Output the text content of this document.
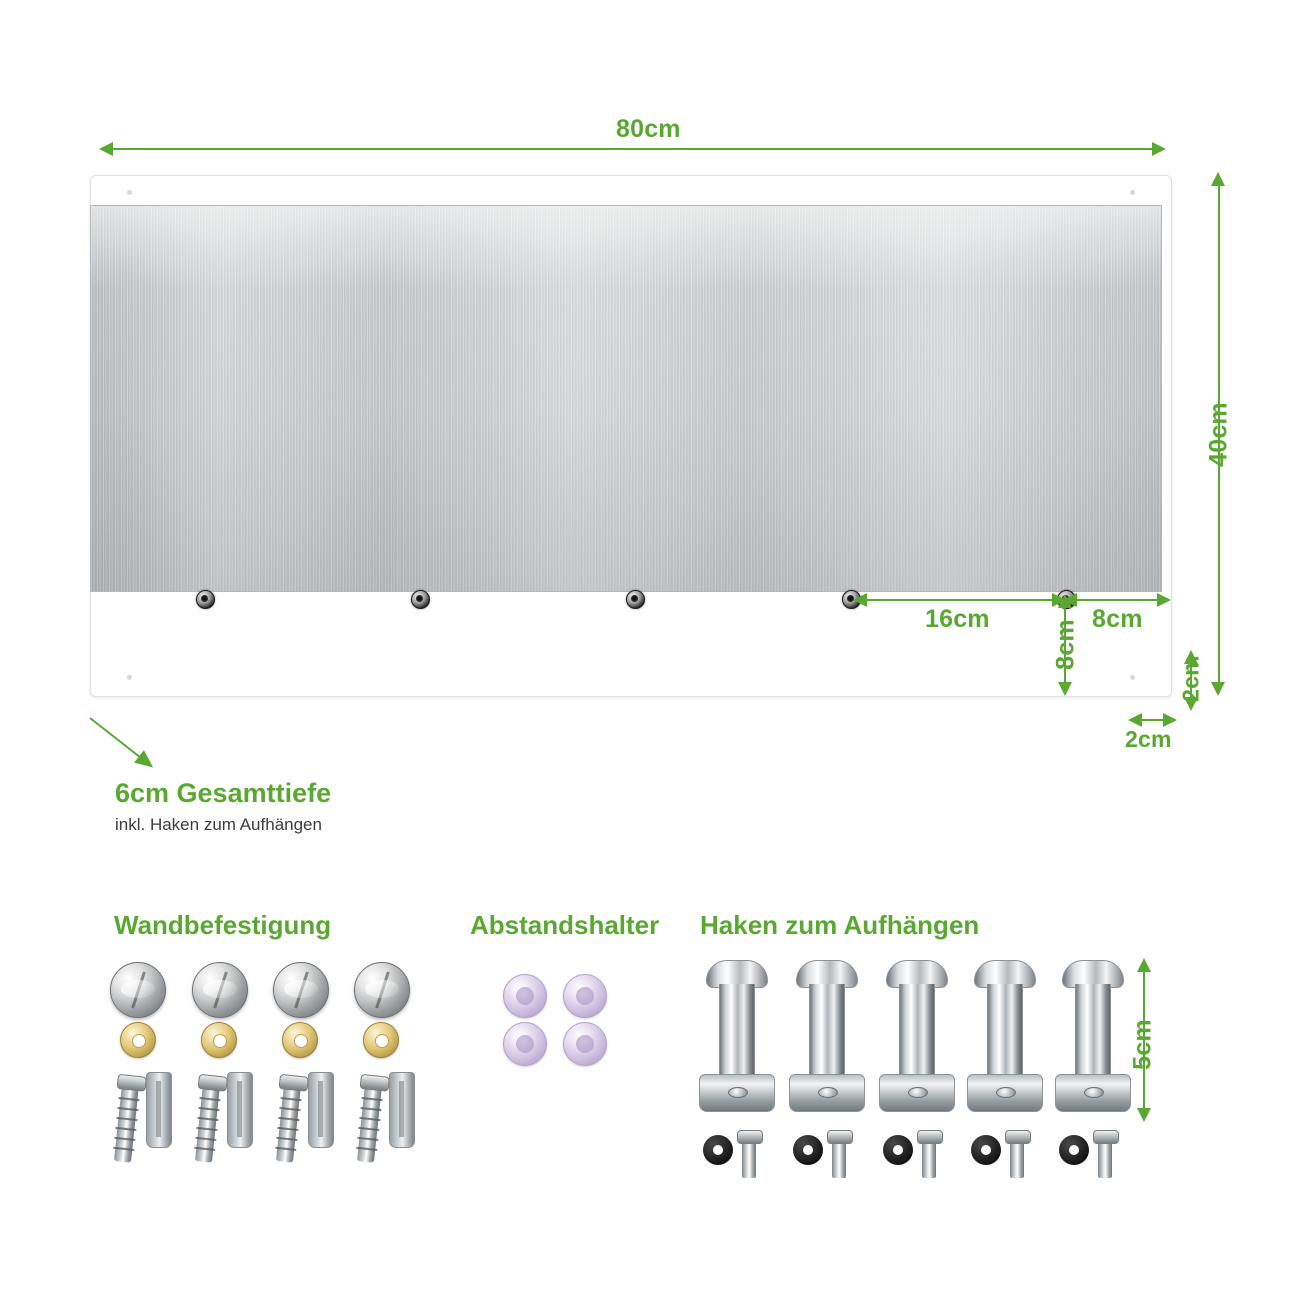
80cm
40cm
16cm	8cm
8cm
2cm
2cm

6cm Gesamttiefe

inkl. Haken zum Aufhängen

Wandbefestigung	Abstandshalter Haken zum Aufhängen
5cm
